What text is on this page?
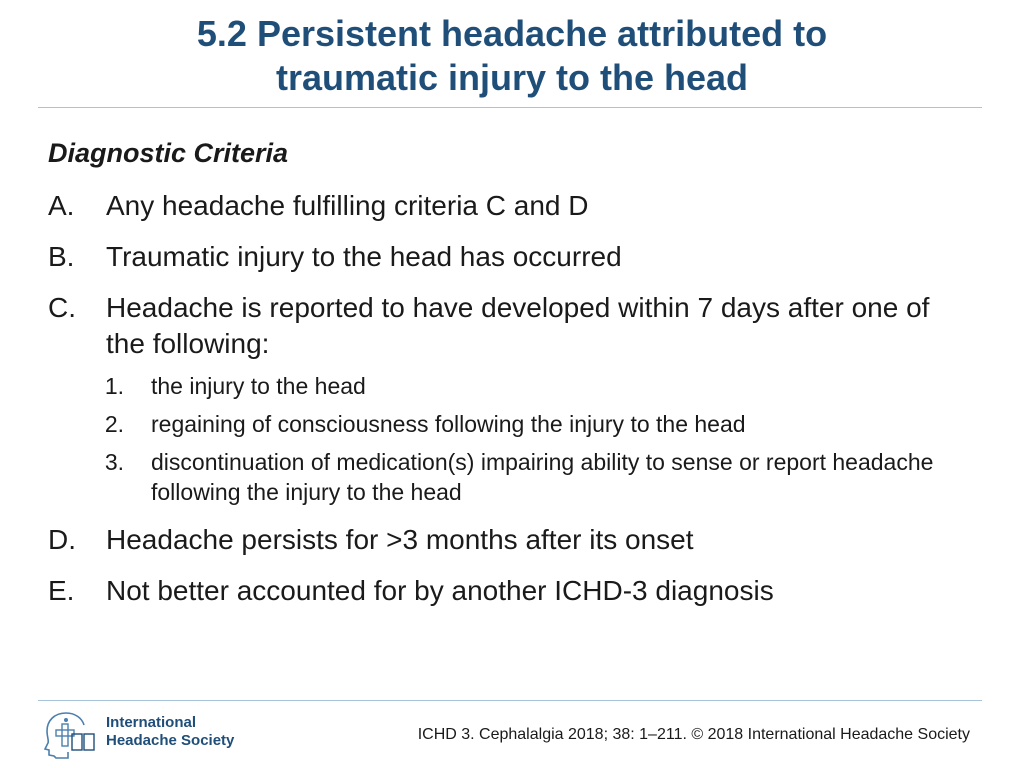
5.2 Persistent headache attributed to
traumatic injury to the head
Diagnostic Criteria
A. Any headache fulfilling criteria C and D
B. Traumatic injury to the head has occurred
C. Headache is reported to have developed within 7 days after one of the following:
1. the injury to the head
2. regaining of consciousness following the injury to the head
3. discontinuation of medication(s) impairing ability to sense or report headache following the injury to the head
D. Headache persists for >3 months after its onset
E. Not better accounted for by another ICHD-3 diagnosis
International
Headache Society	ICHD 3. Cephalalgia 2018; 38: 1–211. © 2018 International Headache Society
